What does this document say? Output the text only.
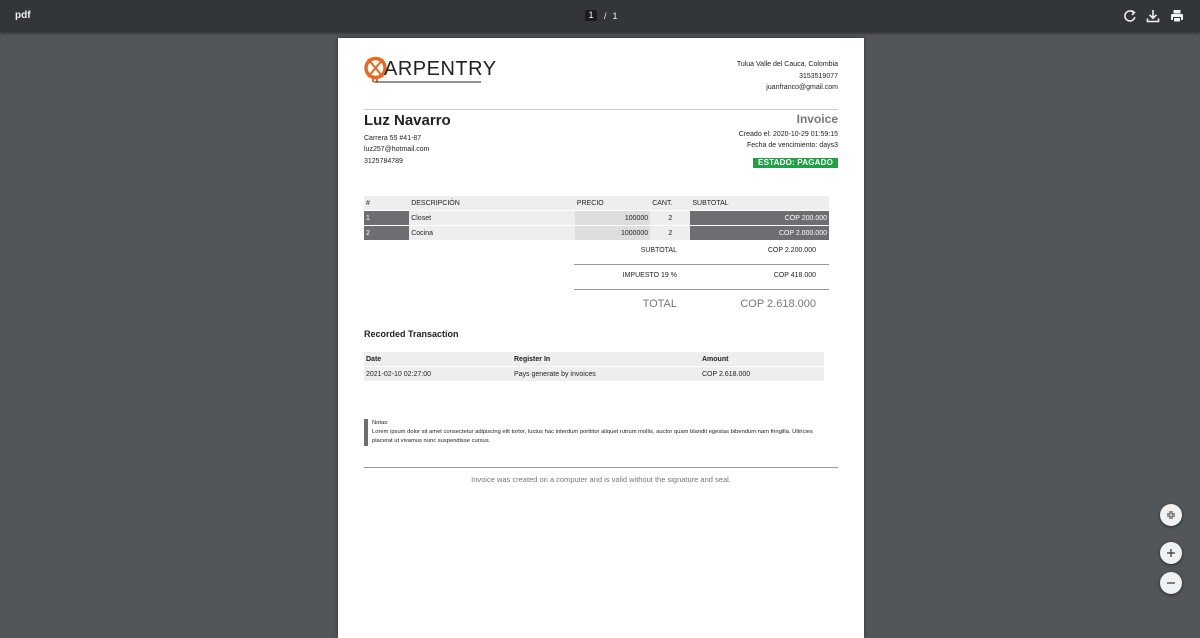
pdf	1	/ 1
ARPENTRY	Tulua Valle del Cauca, Colombia
3153519077
juanfranco@gmail.com
Luz Navarro
Carrera 55 #41-87
luz257@hotmail.com
3125784789
Invoice
Creado el: 2020-10-29 01:59:15
Fecha de vencimiento: days3
ESTADO: PAGADO
#	DESCRIPCIÓN	PRECIO	CANT.	SUBTOTAL

1	Closet	100000	2	COP 200.000

2	Cocina	1000000	2	COP 2.000.000
SUBTOTAL	COP 2.200.000
IMPUESTO 19 %	COP 418.000
TOTAL	COP 2.618.000
Recorded Transaction
Date	Register In	Amount

2021-02-10 02:27:00	Pays generate by invoices	COP 2.618.000
Notas:
Lorem ipsum dolor sit amet consectetur adipiscing elit tortor, luctus hac interdum porttitor aliquet rutrum mollis, auctor quam blandit egestas bibendum nam fringilla. Ultricies placerat ut vivamus nunc suspendisse cursus.
Invoice was created on a computer and is valid without the signature and seal.
